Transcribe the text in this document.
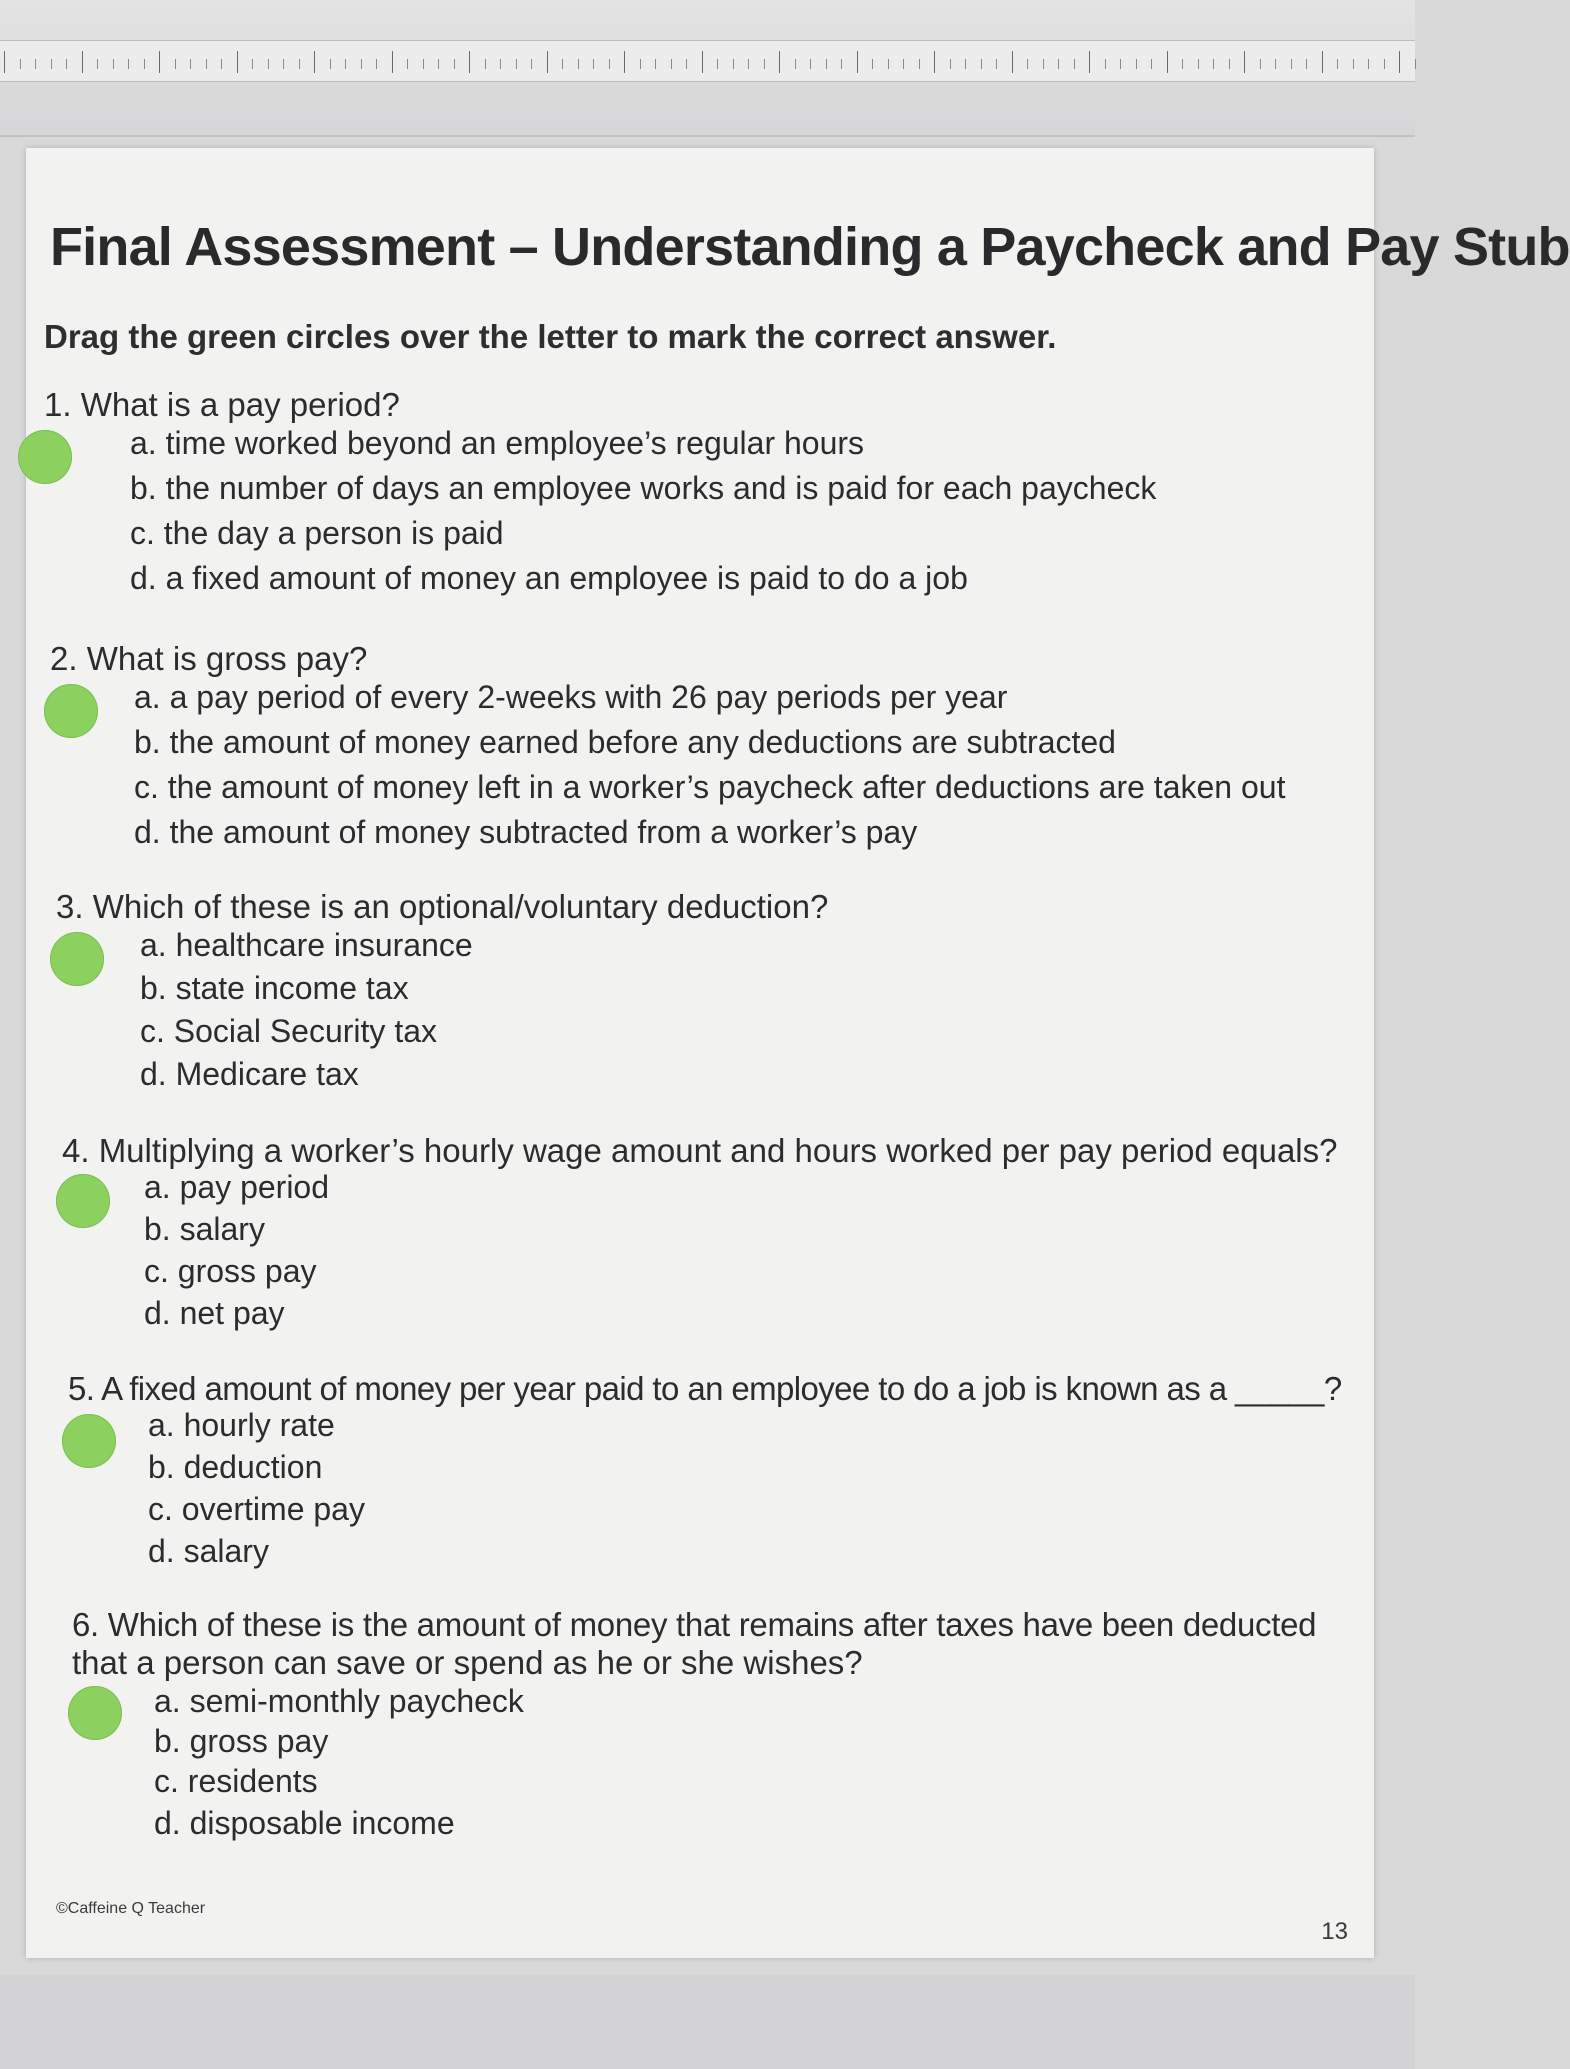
Final Assessment – Understanding a Paycheck and Pay Stub

Drag the green circles over the letter to mark the correct answer.

1. What is a pay period?

a. time worked beyond an employee’s regular hours

b. the number of days an employee works and is paid for each paycheck

c. the day a person is paid

d. a fixed amount of money an employee is paid to do a job

2. What is gross pay?

a. a pay period of every 2-weeks with 26 pay periods per year

b. the amount of money earned before any deductions are subtracted

c. the amount of money left in a worker’s paycheck after deductions are taken out

d. the amount of money subtracted from a worker’s pay

3. Which of these is an optional/voluntary deduction?

a. healthcare insurance

b. state income tax

c. Social Security tax

d. Medicare tax

4. Multiplying a worker’s hourly wage amount and hours worked per pay period equals?

a. pay period

b. salary

c. gross pay

d. net pay

5. A fixed amount of money per year paid to an employee to do a job is known as a _____?

a. hourly rate

b. deduction

c. overtime pay

d. salary

6. Which of these is the amount of money that remains after taxes have been deducted

that a person can save or spend as he or she wishes?

a. semi-monthly paycheck

b. gross pay

c. residents

d. disposable income

©Caffeine Q Teacher
13
